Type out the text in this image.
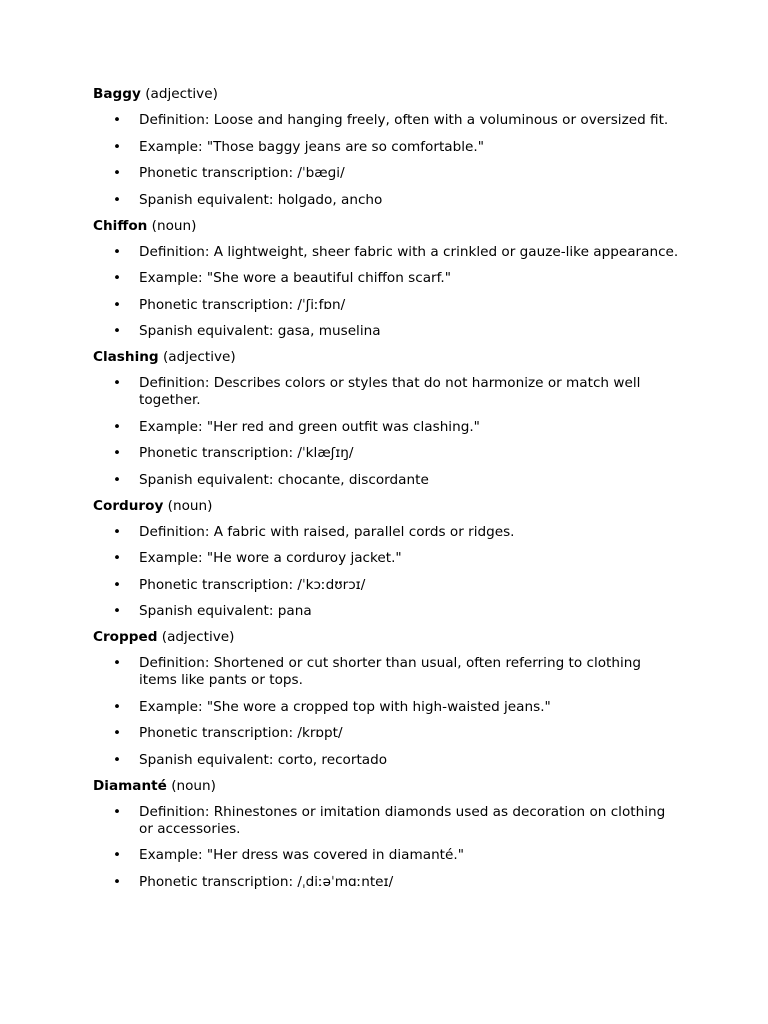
Baggy (adjective)

• Definition: Loose and hanging freely, often with a voluminous or oversized fit.
• Example: "Those baggy jeans are so comfortable."
• Phonetic transcription: /ˈbæɡi/
• Spanish equivalent: holgado, ancho

Chiffon (noun)

• Definition: A lightweight, sheer fabric with a crinkled or gauze-like appearance.
• Example: "She wore a beautiful chiffon scarf."
• Phonetic transcription: /ˈʃiːfɒn/
• Spanish equivalent: gasa, muselina

Clashing (adjective)

• Definition: Describes colors or styles that do not harmonize or match well together.
• Example: "Her red and green outfit was clashing."
• Phonetic transcription: /ˈklæʃɪŋ/
• Spanish equivalent: chocante, discordante

Corduroy (noun)

• Definition: A fabric with raised, parallel cords or ridges.
• Example: "He wore a corduroy jacket."
• Phonetic transcription: /ˈkɔːdʊrɔɪ/
• Spanish equivalent: pana

Cropped (adjective)

• Definition: Shortened or cut shorter than usual, often referring to clothing items like pants or tops.
• Example: "She wore a cropped top with high-waisted jeans."
• Phonetic transcription: /krɒpt/
• Spanish equivalent: corto, recortado

Diamanté (noun)

• Definition: Rhinestones or imitation diamonds used as decoration on clothing or accessories.
• Example: "Her dress was covered in diamanté."
• Phonetic transcription: /ˌdiːəˈmɑːnteɪ/
